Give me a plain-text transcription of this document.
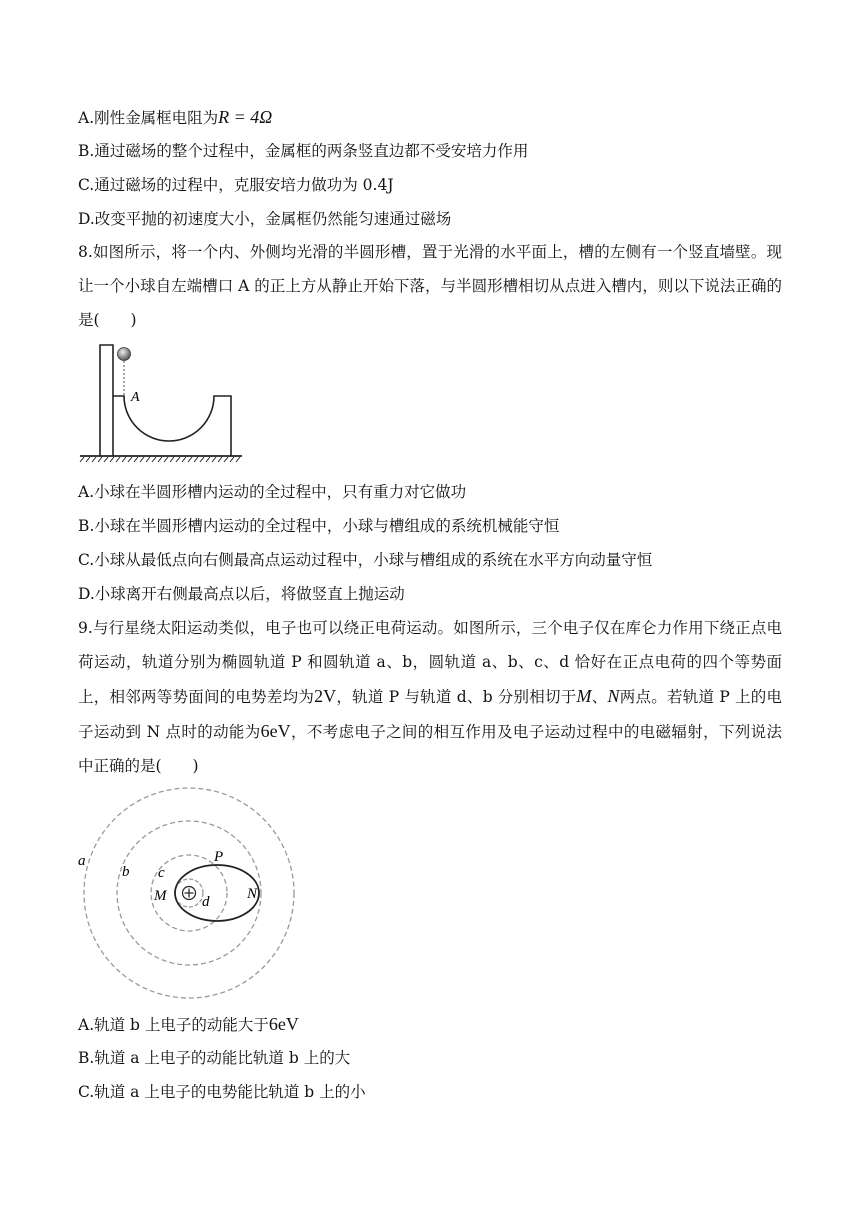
A.刚性金属框电阻为R = 4Ω
B.通过磁场的整个过程中，金属框的两条竖直边都不受安培力作用
C.通过磁场的过程中，克服安培力做功为 0.4J
D.改变平抛的初速度大小，金属框仍然能匀速通过磁场
8.如图所示，将一个内、外侧均光滑的半圆形槽，置于光滑的水平面上，槽的左侧有一个竖直墙壁。现让一个小球自左端槽口 A 的正上方从静止开始下落，与半圆形槽相切从点进入槽内，则以下说法正确的是(　　)
A
A.小球在半圆形槽内运动的全过程中，只有重力对它做功
B.小球在半圆形槽内运动的全过程中，小球与槽组成的系统机械能守恒
C.小球从最低点向右侧最高点运动过程中，小球与槽组成的系统在水平方向动量守恒
D.小球离开右侧最高点以后，将做竖直上抛运动
9.与行星绕太阳运动类似，电子也可以绕正电荷运动。如图所示，三个电子仅在库仑力作用下绕正点电荷运动，轨道分别为椭圆轨道 P 和圆轨道 a、b，圆轨道 a、b、c、d 恰好在正点电荷的四个等势面上，相邻两等势面间的电势差均为2V，轨道 P 与轨道 d、b 分别相切于M、N两点。若轨道 P 上的电子运动到 N 点时的动能为6eV，不考虑电子之间的相互作用及电子运动过程中的电磁辐射，下列说法中正确的是(　　)
a
b c
P
M d	N
A.轨道 b 上电子的动能大于6eV
B.轨道 a 上电子的动能比轨道 b 上的大
C.轨道 a 上电子的电势能比轨道 b 上的小
